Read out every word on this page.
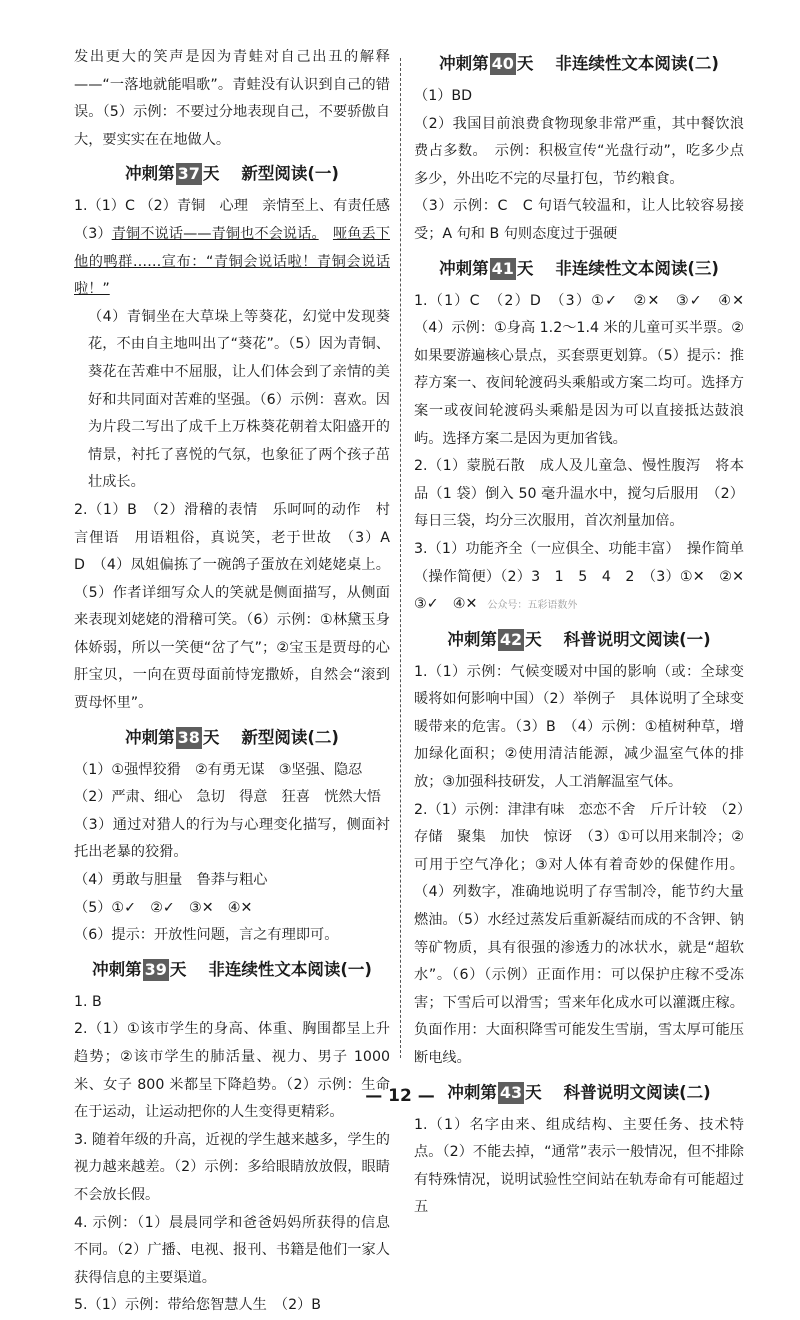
发出更大的笑声是因为青蛙对自己出丑的解释——“一落地就能唱歌”。青蛙没有认识到自己的错误。（5）示例：不要过分地表现自己，不要骄傲自大，要实实在在地做人。

冲刺第 37 天 新型阅读(一)

1.（1）C （2）青铜　心理　亲情至上、有责任感　（3）青铜不说话——青铜也不会说话。　 哑鱼丢下他的鸭群……宣布：“青铜会说话啦！青铜会说话啦！”

（4）青铜坐在大草垛上等葵花，幻觉中发现葵花，不由自主地叫出了“葵花”。（5）因为青铜、葵花在苦难中不屈服，让人们体会到了亲情的美好和共同面对苦难的坚强。（6）示例：喜欢。因为片段二写出了成千上万株葵花朝着太阳盛开的情景，衬托了喜悦的气氛，也象征了两个孩子茁壮成长。

2.（1）B　（2）滑稽的表情　乐呵呵的动作　村言俚语　用语粗俗，真说笑，老于世故　（3）A　D　（4）凤姐偏拣了一碗鸽子蛋放在刘姥姥桌上。（5）作者详细写众人的笑就是侧面描写，从侧面来表现刘姥姥的滑稽可笑。（6）示例：①林黛玉身体娇弱，所以一笑便“岔了气”；②宝玉是贾母的心肝宝贝，一向在贾母面前恃宠撒娇，自然会“滚到贾母怀里”。

冲刺第 38 天 新型阅读(二)

（1）①强悍狡猾　②有勇无谋　③坚强、隐忍

（2）严肃、细心　急切　得意　狂喜　恍然大悟

（3）通过对猎人的行为与心理变化描写，侧面衬托出老暴的狡猾。

（4）勇敢与胆量　鲁莽与粗心

（5）①✓　②✓　③✕　④✕

（6）提示：开放性问题，言之有理即可。

冲刺第 39 天 非连续性文本阅读(一)

1. B

2.（1）①该市学生的身高、体重、胸围都呈上升趋势；②该市学生的肺活量、视力、男子 1000 米、女子 800 米都呈下降趋势。（2）示例：生命在于运动，让运动把你的人生变得更精彩。

3. 随着年级的升高，近视的学生越来越多，学生的视力越来越差。（2）示例：多给眼睛放放假，眼睛不会放长假。

4. 示例：（1）晨晨同学和爸爸妈妈所获得的信息不同。（2）广播、电视、报刊、书籍是他们一家人获得信息的主要渠道。

5.（1）示例：带给您智慧人生　（2）B

冲刺第 40 天 非连续性文本阅读(二)

（1）BD

（2）我国目前浪费食物现象非常严重，其中餐饮浪费占多数。　示例：积极宣传“光盘行动”，吃多少点多少，外出吃不完的尽量打包，节约粮食。

（3）示例：C　C 句语气较温和，让人比较容易接受；A 句和 B 句则态度过于强硬

冲刺第 41 天 非连续性文本阅读(三)

1.（1）C　（2）D　（3）①✓　②✕　③✓　④✕（4）示例：①身高 1.2～1.4 米的儿童可买半票。②如果要游遍核心景点，买套票更划算。（5）提示：推荐方案一、夜间轮渡码头乘船或方案二均可。选择方案一或夜间轮渡码头乘船是因为可以直接抵达鼓浪屿。选择方案二是因为更加省钱。

2.（1）蒙脱石散　成人及儿童急、慢性腹泻　将本品（1 袋）倒入 50 毫升温水中，搅匀后服用　（2）每日三袋，均分三次服用，首次剂量加倍。

3.（1）功能齐全（一应俱全、功能丰富）　操作简单（操作简便）（2）3　1　5　4　2　（3）①✕　②✕　③✓　④✕ 公众号：五彩语数外

冲刺第 42 天 科普说明文阅读(一)

1.（1）示例：气候变暖对中国的影响（或：全球变暖将如何影响中国）（2）举例子　具体说明了全球变暖带来的危害。（3）B　（4）示例：①植树种草，增加绿化面积；②使用清洁能源，减少温室气体的排放；③加强科技研发，人工消解温室气体。

2.（1）示例：津津有味　恋恋不舍　斤斤计较　（2）存储　聚集　加快　惊讶　（3）①可以用来制冷；②可用于空气净化；③对人体有着奇妙的保健作用。（4）列数字，准确地说明了存雪制冷，能节约大量燃油。（5）水经过蒸发后重新凝结而成的不含钾、钠等矿物质，具有很强的渗透力的冰状水，就是“超软水”。（6）（示例）正面作用：可以保护庄稼不受冻害；下雪后可以滑雪；雪来年化成水可以灌溉庄稼。负面作用：大面积降雪可能发生雪崩，雪太厚可能压断电线。

冲刺第 43 天 科普说明文阅读(二)

1.（1）名字由来、组成结构、主要任务、技术特点。（2）不能去掉，“通常”表示一般情况，但不排除有特殊情况，说明试验性空间站在轨寿命有可能超过五

— 12 —
